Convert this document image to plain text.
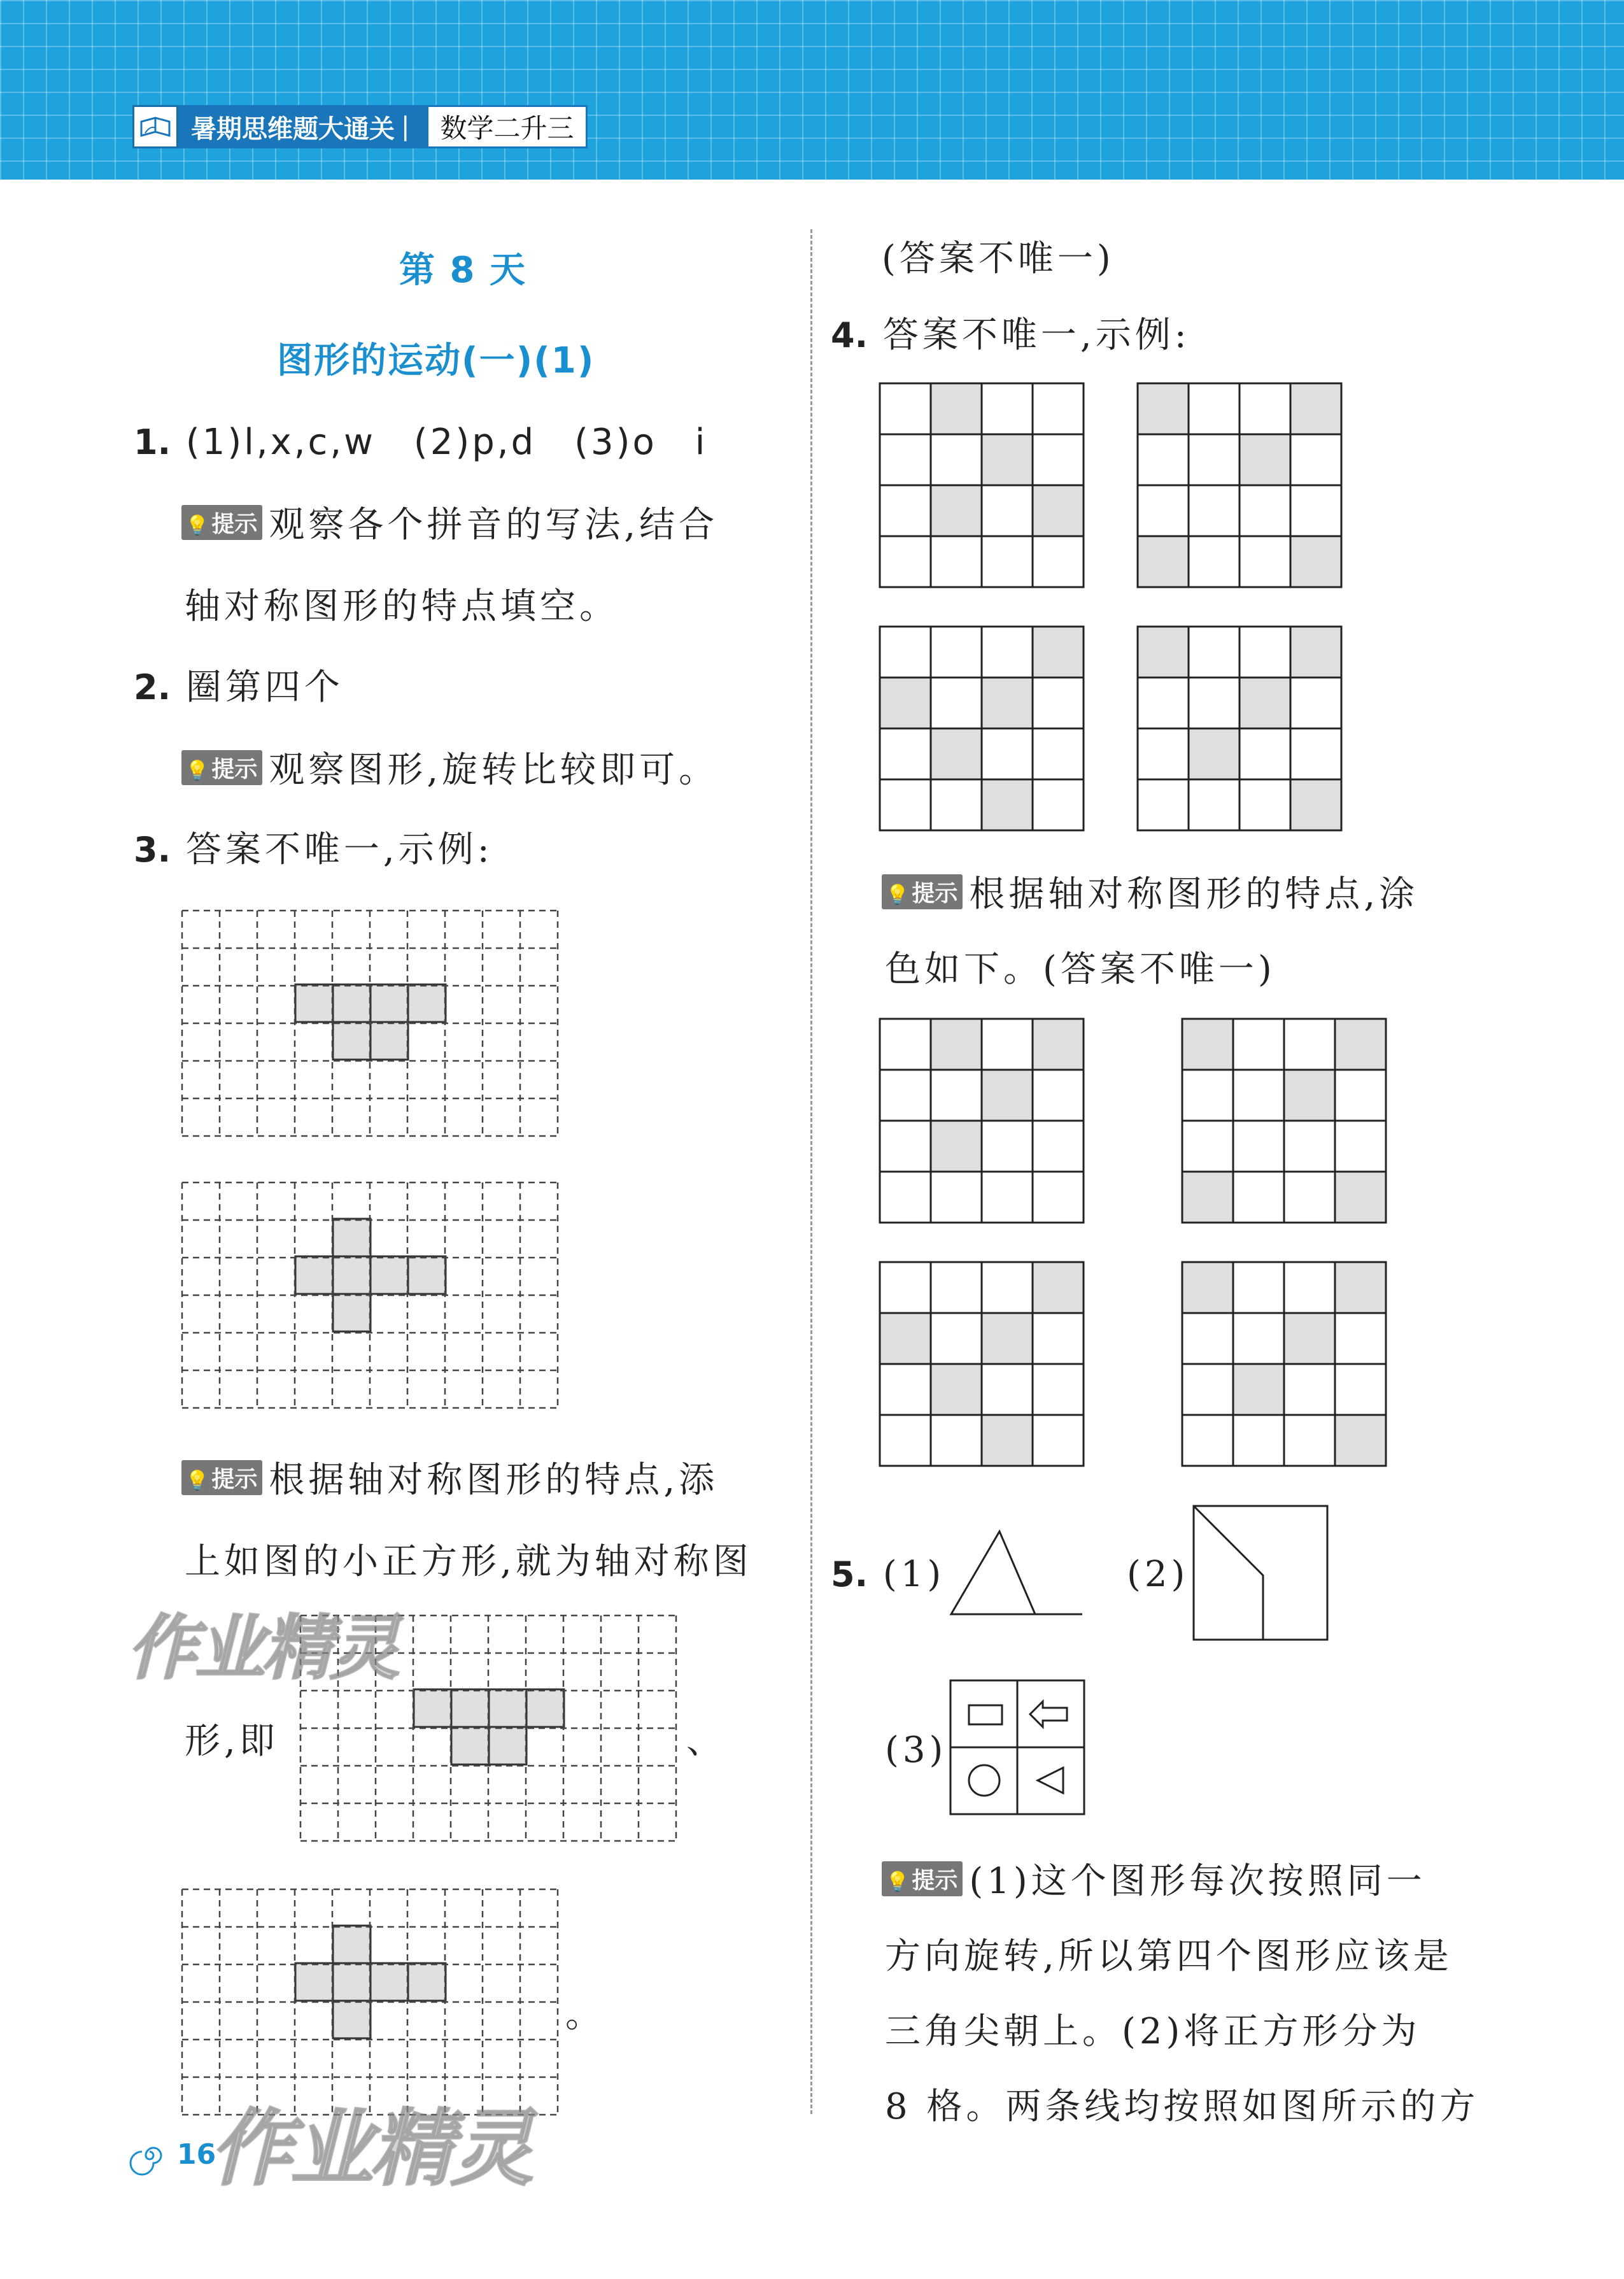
暑期思维题大通关 |	数学二升三
第 8 天
图形的运动(一)(1)
1. (1)l,x,c,w　(2)p,d　(3)o　i
💡 提示 观察各个拼音的写法,结合
轴对称图形的特点填空。
2. 圈第四个
💡 提示 观察图形,旋转比较即可。
3. 答案不唯一,示例:
💡 提示 根据轴对称图形的特点,添
上如图的小正方形,就为轴对称图
形,即	、
。
(答案不唯一)
4. 答案不唯一,示例:
💡 提示 根据轴对称图形的特点,涂
色如下。(答案不唯一)
5. (1)	(2)
(3)
💡 提示 (1)这个图形每次按照同一
方向旋转,所以第四个图形应该是
三角尖朝上。(2)将正方形分为
8 格。两条线均按照如图所示的方
16
作业精灵
作业精灵
